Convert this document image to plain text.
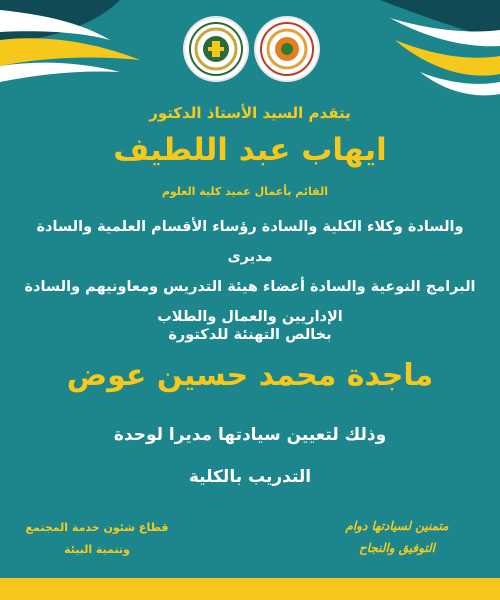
يتقدم السيد الأستاذ الدكتور
ايهاب عبد اللطيف
القائم بأعمال عميد كلية العلوم
والسادة وكلاء الكلية والسادة رؤساء الأقسام العلمية والسادة مديرى
البرامج النوعية والسادة أعضاء هيئة التدريس ومعاونيهم والسادة
الإداريين والعمال والطلاب
بخالص التهنئة للدكتورة
ماجدة محمد حسين عوض
وذلك لتعيين سيادتها مديرا لوحدة
التدريب بالكلية
متمنين لسيادتها دوام
التوفيق والنجاح
قطاع شئون خدمة المجتمع
وتنمية البيئة
